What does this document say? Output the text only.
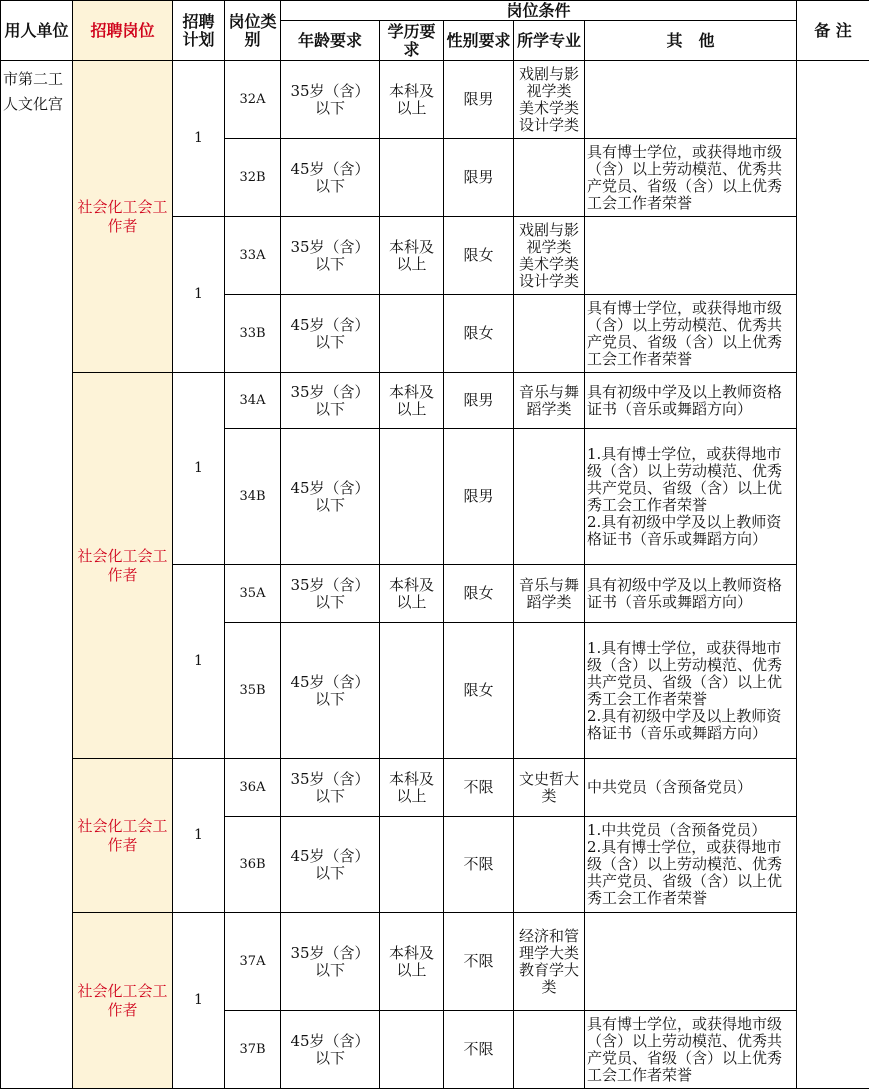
用人单位	招聘岗位	招聘计划	岗位类别	岗位条件					备 注
				年龄要求	学历要求	性别要求	所学专业	其　他	
市第二工人文化宫	社会化工会工作者	1	32A	35岁（含）以下	本科及以上	限男	戏剧与影视学类
美术学类
设计学类		
			32B	45岁（含）以下		限男		具有博士学位，或获得地市级（含）以上劳动模范、优秀共产党员、省级（含）以上优秀工会工作者荣誉	
		1	33A	35岁（含）以下	本科及以上	限女	戏剧与影视学类
美术学类
设计学类		
			33B	45岁（含）以下		限女		具有博士学位，或获得地市级（含）以上劳动模范、优秀共产党员、省级（含）以上优秀工会工作者荣誉	
	社会化工会工作者	1	34A	35岁（含）以下	本科及以上	限男	音乐与舞蹈学类	具有初级中学及以上教师资格证书（音乐或舞蹈方向）	
			34B	45岁（含）以下		限男		1.具有博士学位，或获得地市级（含）以上劳动模范、优秀共产党员、省级（含）以上优秀工会工作者荣誉
2.具有初级中学及以上教师资格证书（音乐或舞蹈方向）	
		1	35A	35岁（含）以下	本科及以上	限女	音乐与舞蹈学类	具有初级中学及以上教师资格证书（音乐或舞蹈方向）	
			35B	45岁（含）以下		限女		1.具有博士学位，或获得地市级（含）以上劳动模范、优秀共产党员、省级（含）以上优秀工会工作者荣誉
2.具有初级中学及以上教师资格证书（音乐或舞蹈方向）	
	社会化工会工作者	1	36A	35岁（含）以下	本科及以上	不限	文史哲大类	中共党员（含预备党员）	
			36B	45岁（含）以下		不限		1.中共党员（含预备党员）
2.具有博士学位，或获得地市级（含）以上劳动模范、优秀共产党员、省级（含）以上优秀工会工作者荣誉	
	社会化工会工作者	1	37A	35岁（含）以下	本科及以上	不限	经济和管理学大类
教育学大类		
			37B	45岁（含）以下		不限		具有博士学位，或获得地市级（含）以上劳动模范、优秀共产党员、省级（含）以上优秀工会工作者荣誉	
